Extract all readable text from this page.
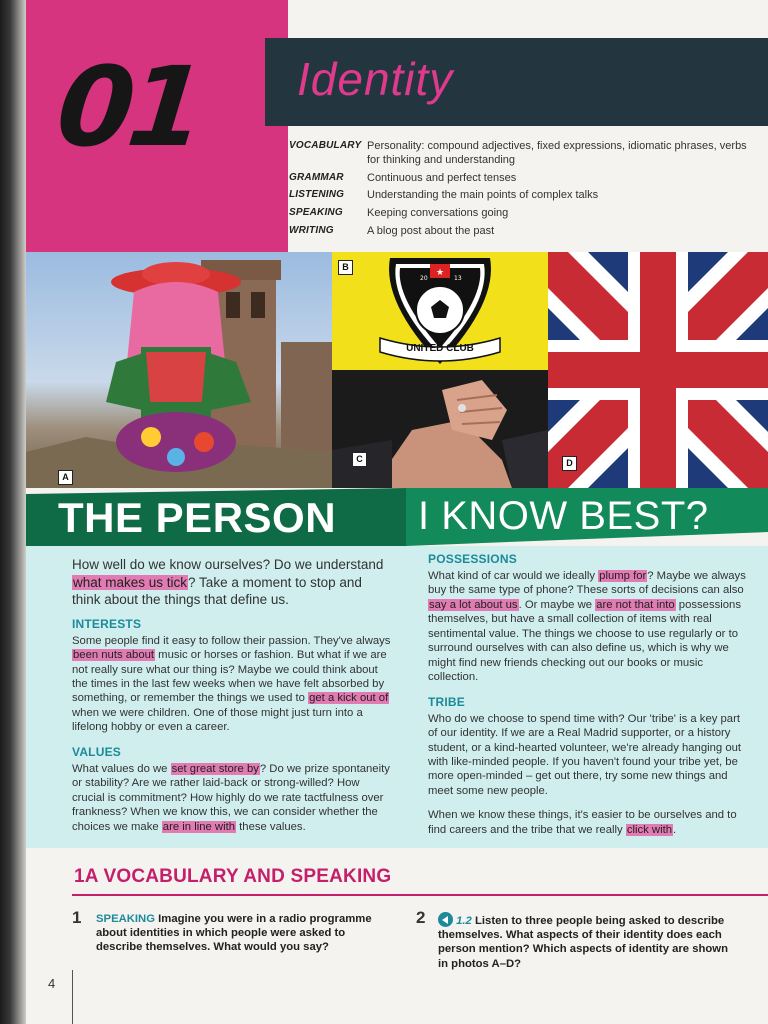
01 Identity
VOCABULARY Personality: compound adjectives, fixed expressions, idiomatic phrases, verbs for thinking and understanding
GRAMMAR	Continuous and perfect tenses
LISTENING	Understanding the main points of complex talks
SPEAKING	Keeping conversations going
WRITING	A blog post about the past
★
20	13
UNITED CLUB
A
B
C	D
THE PERSON I KNOW BEST?

How well do we know ourselves? Do we understand what makes us tick? Take a moment to stop and think about the things that define us.

INTERESTS

Some people find it easy to follow their passion. They've always been nuts about music or horses or fashion. But what if we are not really sure what our thing is? Maybe we could think about the times in the last few weeks when we have felt absorbed by something, or remember the things we used to get a kick out of when we were children. One of those might just turn into a lifelong hobby or even a career.

VALUES

What values do we set great store by? Do we prize spontaneity or stability? Are we rather laid-back or strong-willed? How crucial is commitment? How highly do we rate tactfulness over frankness? When we know this, we can consider whether the choices we make are in line with these values.

POSSESSIONS

What kind of car would we ideally plump for? Maybe we always buy the same type of phone? These sorts of decisions can also say a lot about us. Or maybe we are not that into possessions themselves, but have a small collection of items with real sentimental value. The things we choose to use regularly or to surround ourselves with can also define us, which is why we might find new friends checking out our books or music collection.

TRIBE

Who do we choose to spend time with? Our 'tribe' is a key part of our identity. If we are a Real Madrid supporter, or a history student, or a kind-hearted volunteer, we're already hanging out with like-minded people. If you haven't found your tribe yet, be more open-minded – get out there, try some new things and meet some new people.

When we know these things, it's easier to be ourselves and to find careers and the tribe that we really click with.

1A VOCABULARY AND SPEAKING
1 SPEAKING Imagine you were in a radio programme about identities in which people were asked to describe themselves. What would you say?
2	1.2 Listen to three people being asked to describe themselves. What aspects of their identity does each person mention? Which aspects of identity are shown in photos A–D?
4
